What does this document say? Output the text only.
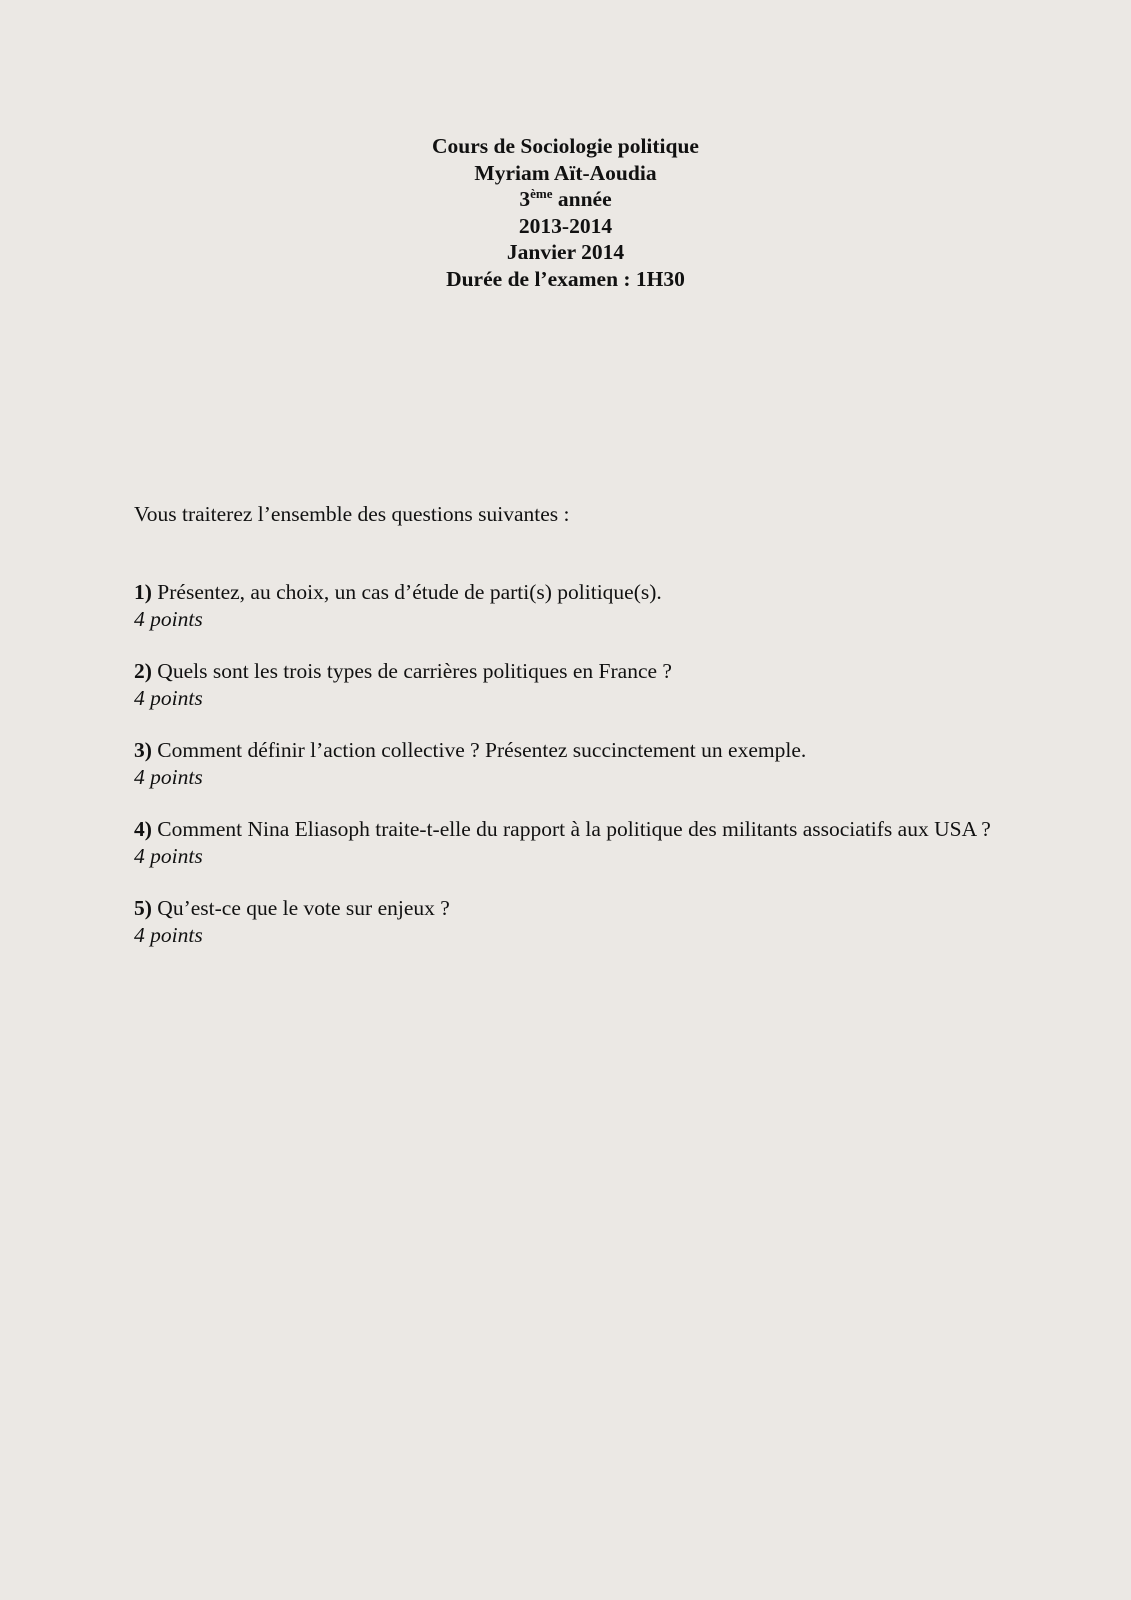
Cours de Sociologie politique
Myriam Aït-Aoudia
3ème année
2013-2014
Janvier 2014
Durée de l’examen : 1H30
Vous traiterez l’ensemble des questions suivantes :
1) Présentez, au choix, un cas d’étude de parti(s) politique(s).
4 points
2) Quels sont les trois types de carrières politiques en France ?
4 points
3) Comment définir l’action collective ? Présentez succinctement un exemple.
4 points
4) Comment Nina Eliasoph traite-t-elle du rapport à la politique des militants associatifs aux USA ?
4 points
5) Qu’est-ce que le vote sur enjeux ?
4 points
